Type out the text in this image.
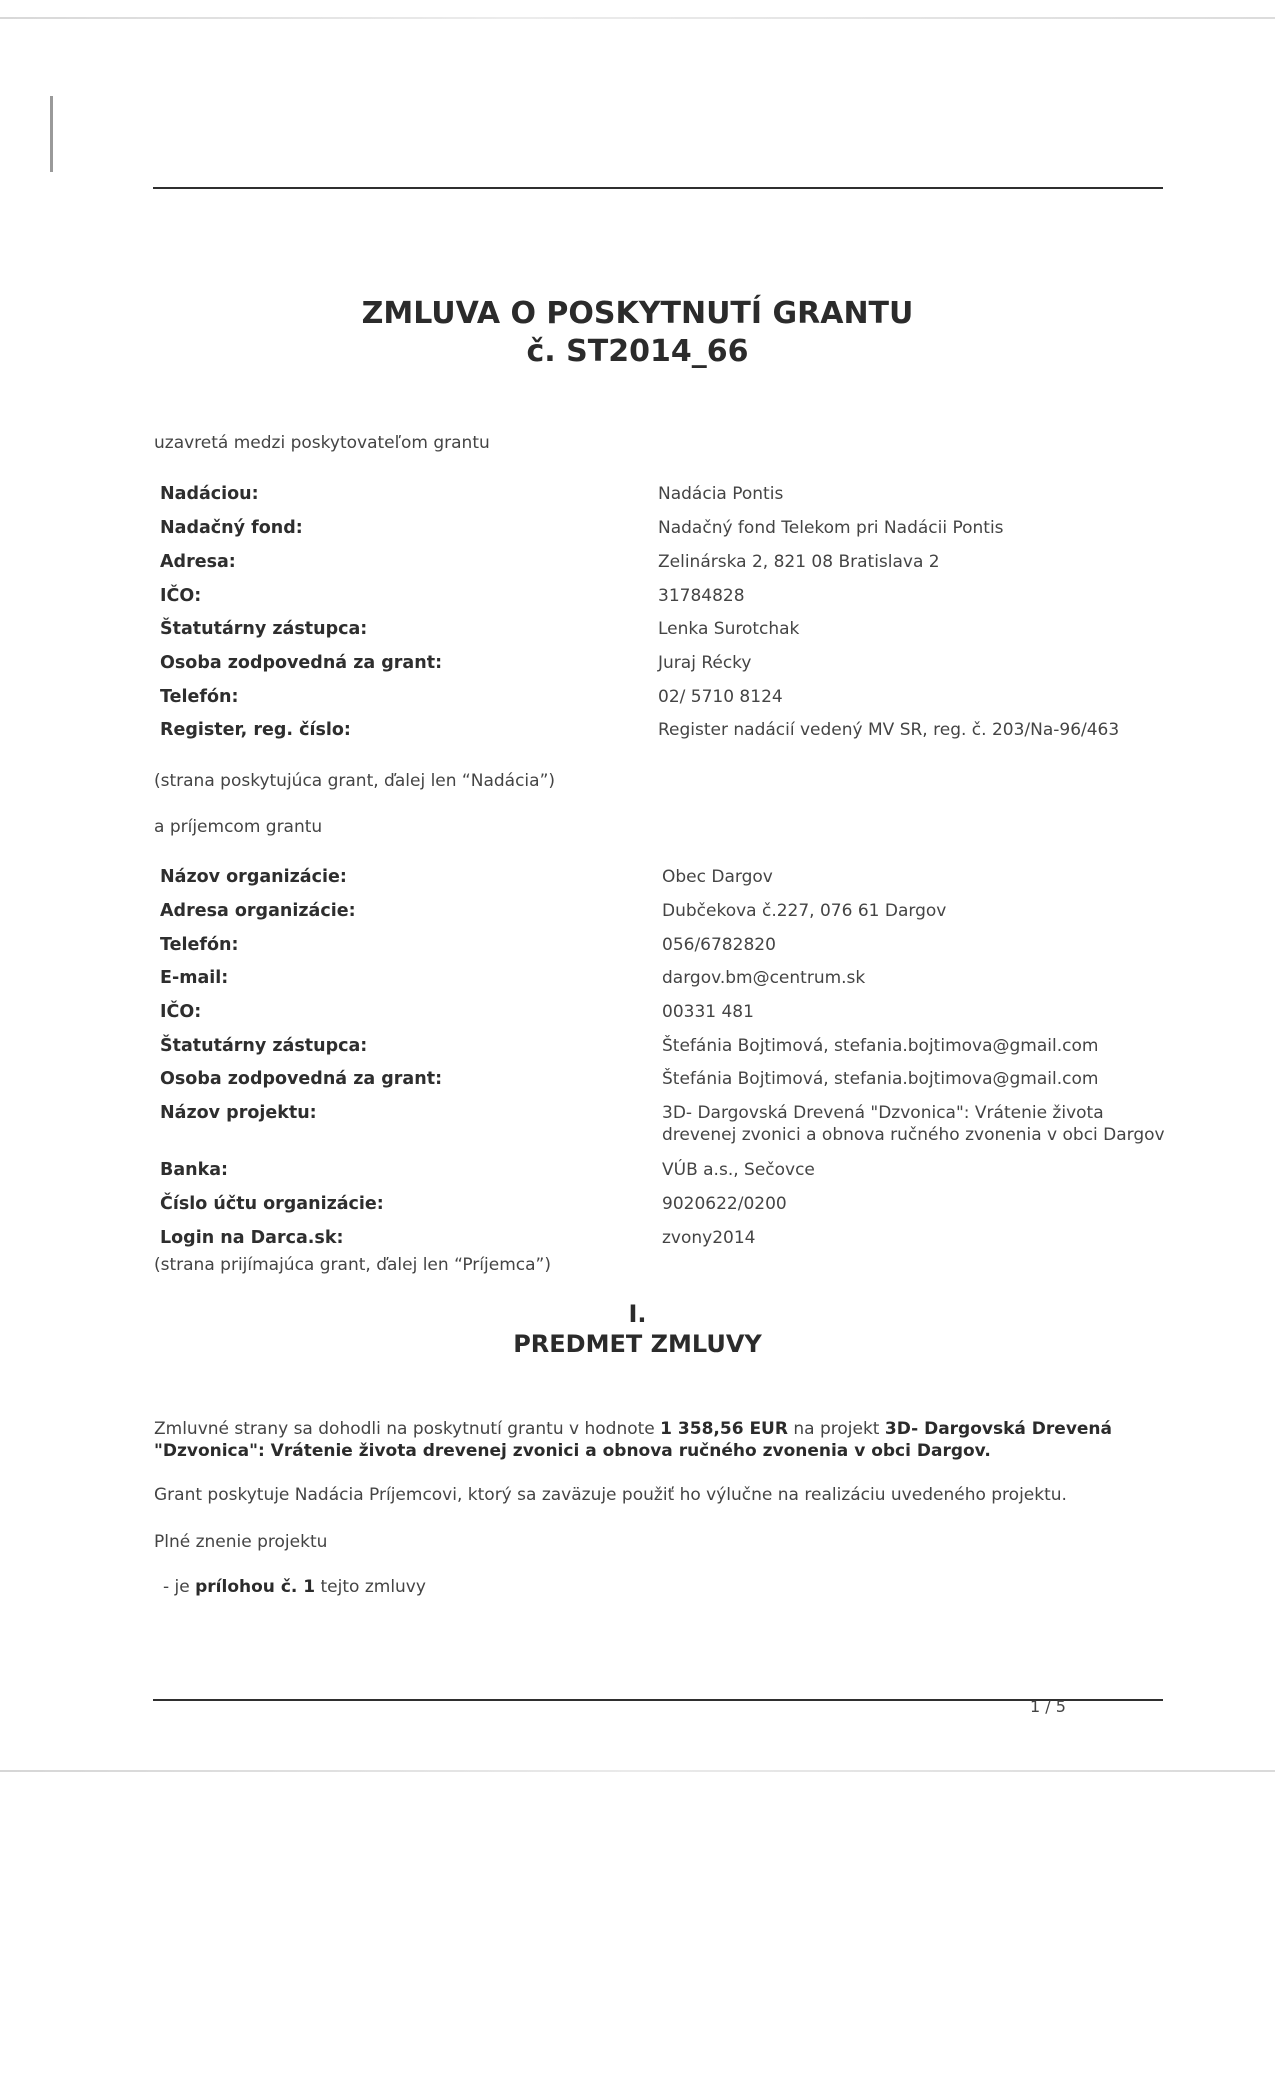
ZMLUVA O POSKYTNUTÍ GRANTU
č. ST2014_66
uzavretá medzi poskytovateľom grantu
Nadáciou:	Nadácia Pontis
Nadačný fond:	Nadačný fond Telekom pri Nadácii Pontis
Adresa:	Zelinárska 2, 821 08 Bratislava 2
IČO:	31784828
Štatutárny zástupca:	Lenka Surotchak
Osoba zodpovedná za grant:	Juraj Récky
Telefón:	02/ 5710 8124
Register, reg. číslo:	Register nadácií vedený MV SR, reg. č. 203/Na-96/463
(strana poskytujúca grant, ďalej len “Nadácia”)
a príjemcom grantu
Názov organizácie:	Obec Dargov
Adresa organizácie:	Dubčekova č.227, 076 61 Dargov
Telefón:	056/6782820
E-mail:	dargov.bm@centrum.sk
IČO:	00331 481
Štatutárny zástupca:	Štefánia Bojtimová, stefania.bojtimova@gmail.com
Osoba zodpovedná za grant:	Štefánia Bojtimová, stefania.bojtimova@gmail.com
Názov projektu:	3D- Dargovská Drevená "Dzvonica": Vrátenie života
drevenej zvonici a obnova ručného zvonenia v obci Dargov
Banka:	VÚB a.s., Sečovce
Číslo účtu organizácie:	9020622/0200
Login na Darca.sk:	zvony2014
(strana prijímajúca grant, ďalej len “Príjemca”)
I.
PREDMET ZMLUVY
Zmluvné strany sa dohodli na poskytnutí grantu v hodnote 1 358,56 EUR na projekt 3D- Dargovská Drevená "Dzvonica": Vrátenie života drevenej zvonici a obnova ručného zvonenia v obci Dargov.
Grant poskytuje Nadácia Príjemcovi, ktorý sa zaväzuje použiť ho výlučne na realizáciu uvedeného projektu.
Plné znenie projektu
- je prílohou č. 1 tejto zmluvy
1 / 5
